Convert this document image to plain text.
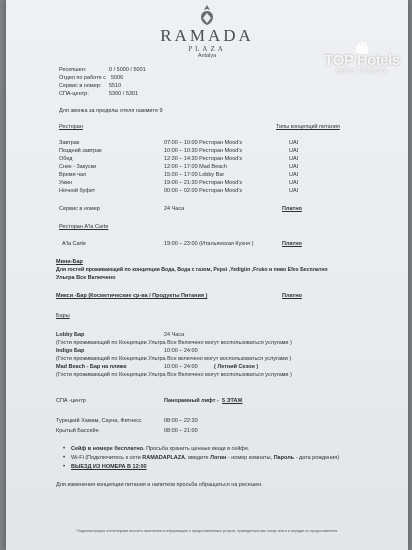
RAMADA
PLAZA
Antalya	TOP Hotels
ФОТО ТУРИСТА
Ресепшен:	0 / 5000 / 5001
Отдел по работе с 5006
Сервис в номер: 5510
СПА-центр:	5300 / 5301
Для звонка за пределы отеля нажмите 9
Ресторан	Типы концепций питания
Завтрак	07:00 – 10:00 Ресторан Mood's	UAI
Поздний завтрак	10:00 – 10:30 Ресторан Mood's	UAI
Обед	12:30 – 14:30 Ресторан Mood's	UAI
Снек - Закуски	12:00 – 17:00 Mad Beach	UAI
Время чая	15:00 – 17:00 Lobby Bar	UAI
Ужин	19:00 – 21:30 Ресторан Mood's	UAI
Ночной буфет	00:00 – 02:00 Ресторан Mood's	UAI
Сервис в номер	24 Часа	Платно
Ресторан A'la Carte
A'la Carte	19:00 – 23:00 (Итальянская Кухня )	Платно
Мини-Бар
Для гостей проживающий по концепции Вода, Вода с газом, Pepsi ,Yedigün ,Fruko и пиво Efes Бесплатно
Ультра Все Включено
Микси -Бар (Косметические ср-ва / Продукты Питания )	Платно
Бары
Lobby Бар	24 Часа
(Гости проживающий по Концепции Ультра Все Включено могут воспользоваться услугами )
Indigo Бар	10:00 – 24:00
(Гости проживающий по Концепции Ультра Все включено могут воспользоваться услугами )
Mad Beach - Бар на пляже	10:00 – 24:00	( Летний Сезон )
(Гости проживающий по Концепции Ультра Все Включено могут воспользоваться услугами )
СПА -центр	Панорамный лифт - 5 ЭТАЖ
Турецкий Хамам, Сауна, Фитнесс	08:00 – 22:30
Крытый Бассейн	08:00 – 21:00
• Сейф в номере бесплатно. Просьба хранить ценные вещи в сейфе.
• Wi-Fi (Подключитесь к сети RAMADAPLAZA, введите Логин - номер комнаты, Пароль - дата рождения)
• ВЫЕЗД ИЗ НОМЕРА В 12:00
Для изменения концепции питания и напитков просьба обращаться на ресешен.
**Администрация отеля вправе вносить изменения в информацию о предоставляемых услугах, приведенную вас конце книги и порядке их предоставления
